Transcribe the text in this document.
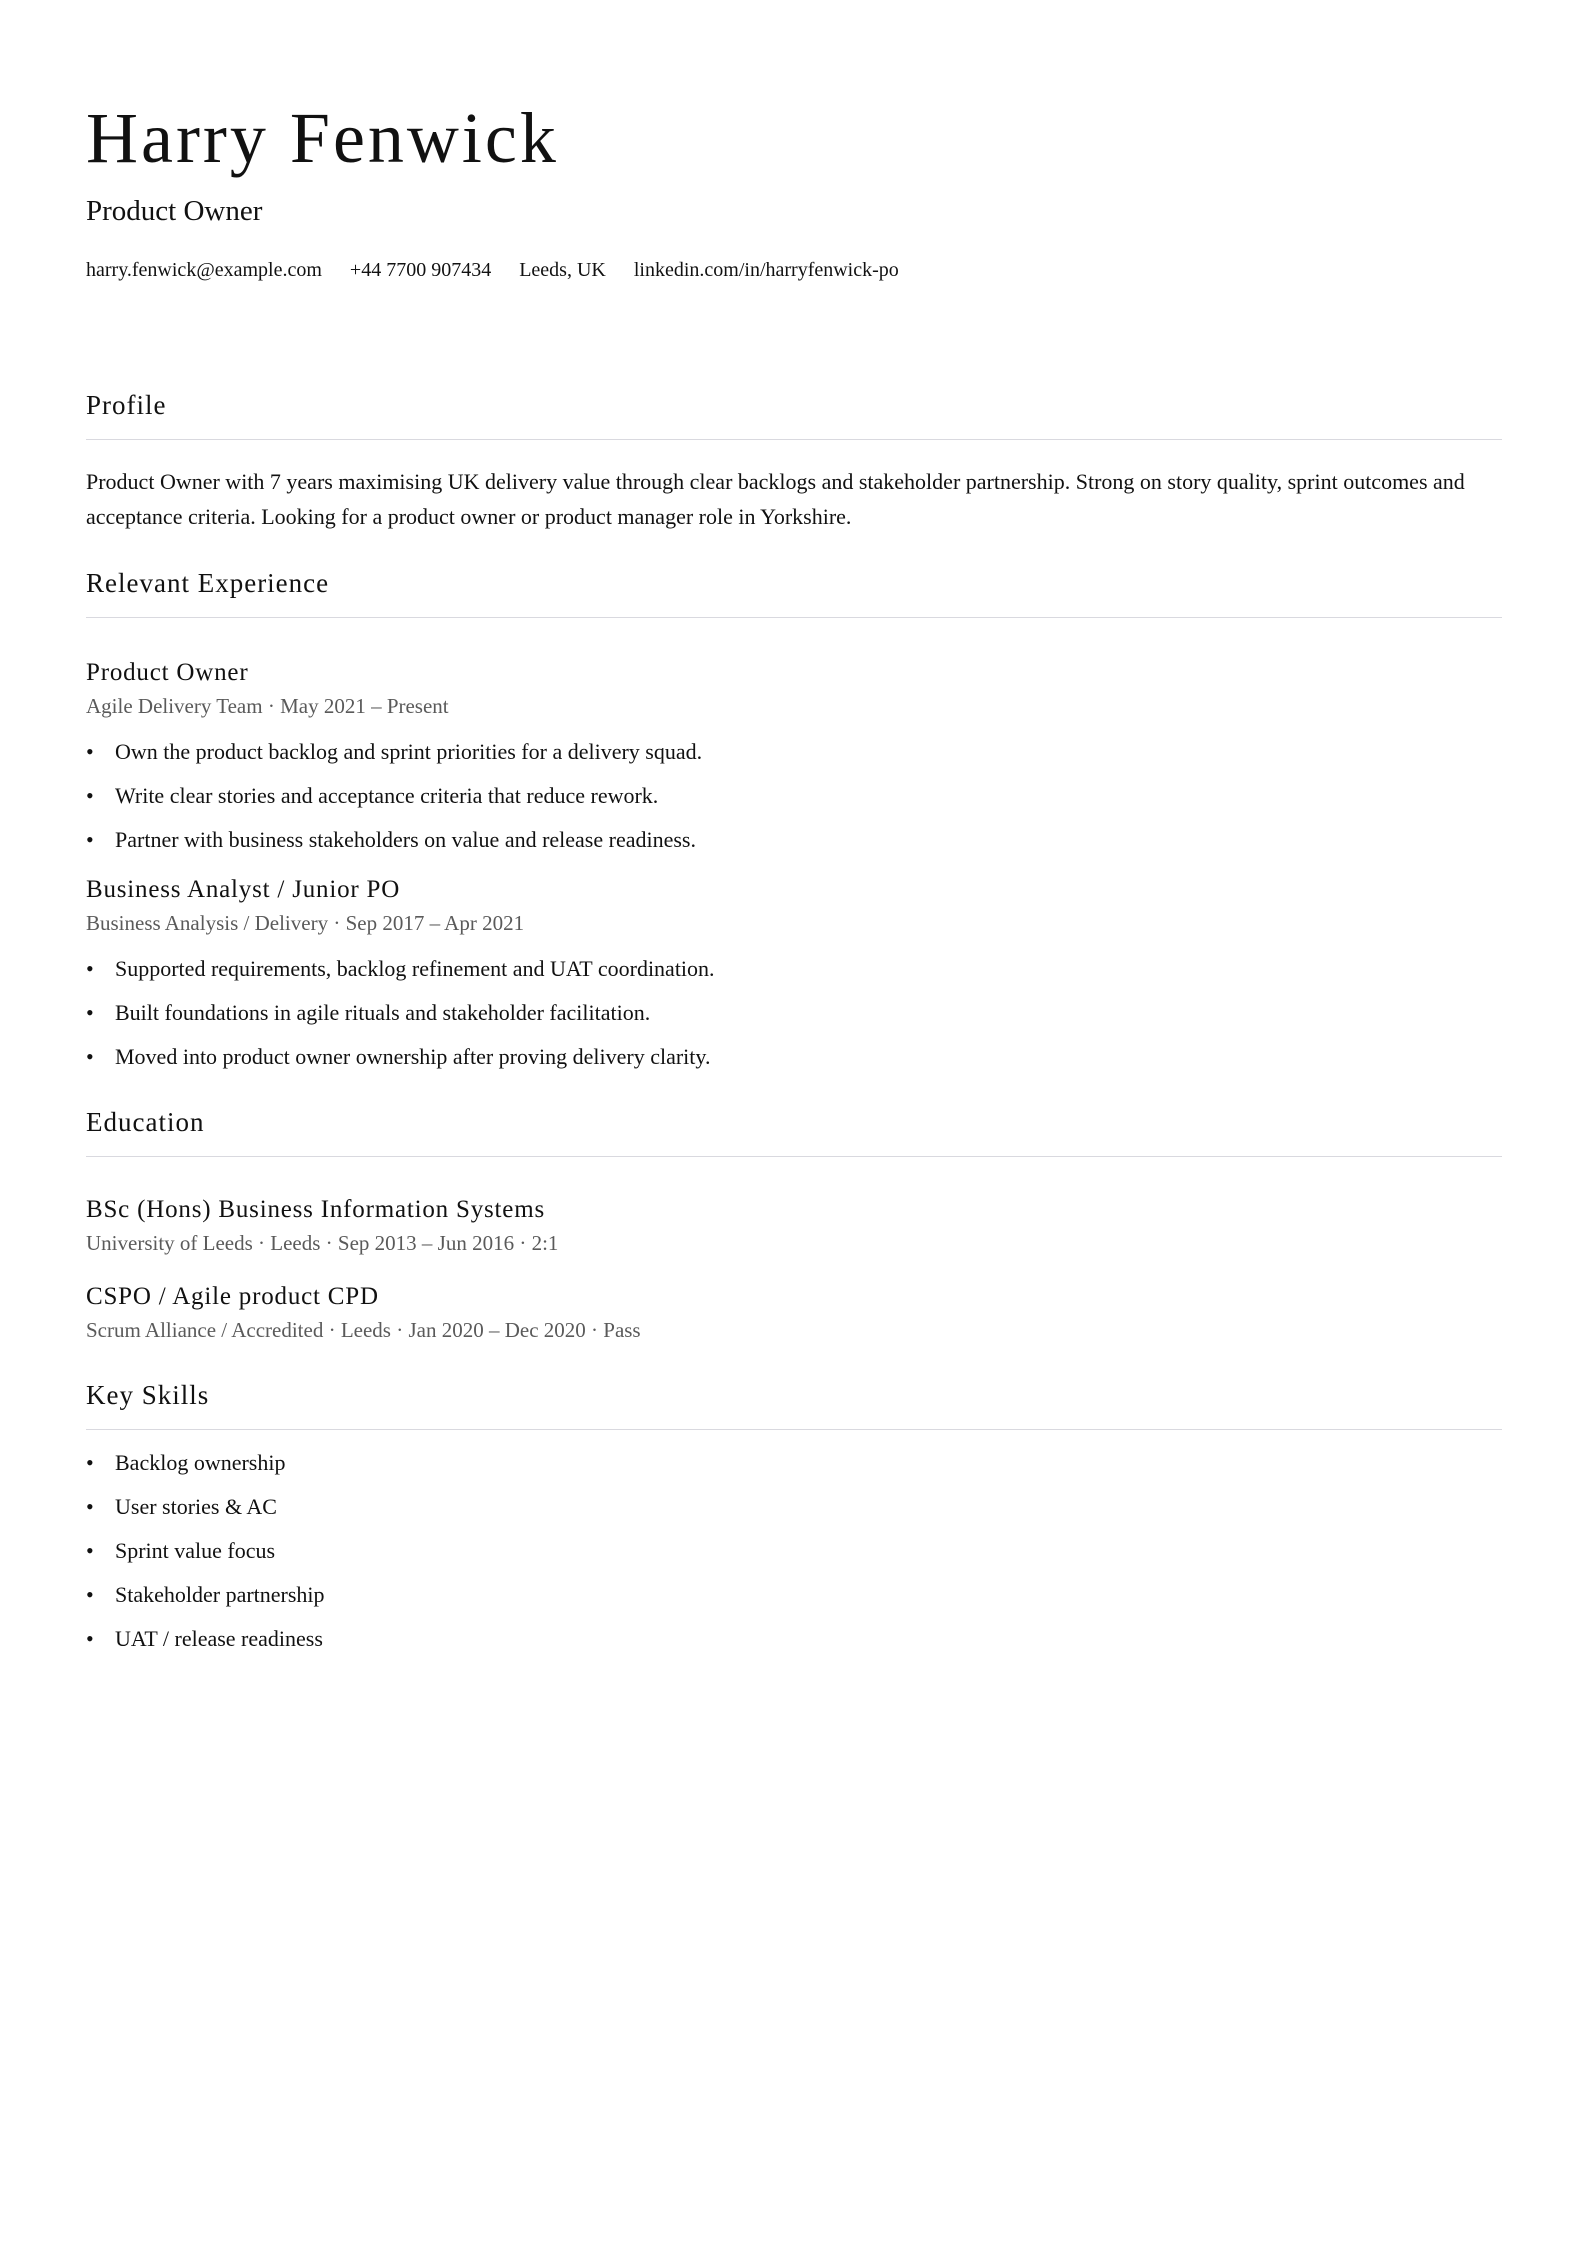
Harry Fenwick
Product Owner
harry.fenwick@example.com +44 7700 907434 Leeds, UK linkedin.com/in/harryfenwick-po
Profile

Product Owner with 7 years maximising UK delivery value through clear backlogs and stakeholder partnership. Strong on story quality, sprint outcomes and acceptance criteria. Looking for a product owner or product manager role in Yorkshire.

Relevant Experience
Product Owner
Agile Delivery Team · May 2021 – Present
• Own the product backlog and sprint priorities for a delivery squad.
• Write clear stories and acceptance criteria that reduce rework.
• Partner with business stakeholders on value and release readiness.
Business Analyst / Junior PO
Business Analysis / Delivery · Sep 2017 – Apr 2021
• Supported requirements, backlog refinement and UAT coordination.
• Built foundations in agile rituals and stakeholder facilitation.
• Moved into product owner ownership after proving delivery clarity.
Education
BSc (Hons) Business Information Systems
University of Leeds · Leeds · Sep 2013 – Jun 2016 · 2:1
CSPO / Agile product CPD
Scrum Alliance / Accredited · Leeds · Jan 2020 – Dec 2020 · Pass
Key Skills
• Backlog ownership
• User stories & AC
• Sprint value focus
• Stakeholder partnership
• UAT / release readiness
